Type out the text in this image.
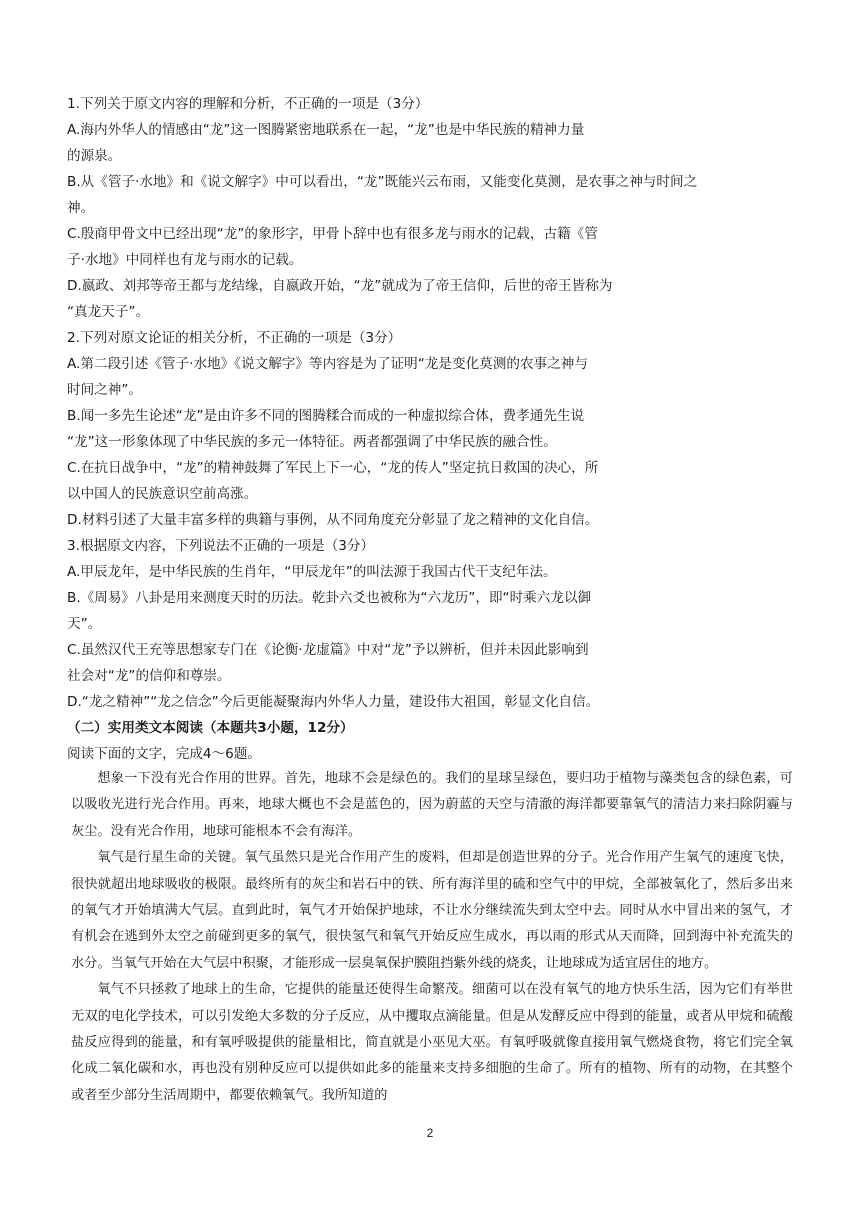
1.下列关于原文内容的理解和分析，不正确的一项是（3分）
A.海内外华人的情感由“龙”这一图腾紧密地联系在一起，“龙”也是中华民族的精神力量
的源泉。
B.从《管子·水地》和《说文解字》中可以看出，“龙”既能兴云布雨，又能变化莫测，是农事之神与时间之
神。
C.殷商甲骨文中已经出现“龙”的象形字，甲骨卜辞中也有很多龙与雨水的记载，古籍《管
子·水地》中同样也有龙与雨水的记载。
D.嬴政、刘邦等帝王都与龙结缘，自嬴政开始，“龙”就成为了帝王信仰，后世的帝王皆称为
“真龙天子”。
2.下列对原文论证的相关分析，不正确的一项是（3分）
A.第二段引述《管子·水地》《说文解字》等内容是为了证明“龙是变化莫测的农事之神与
时间之神”。
B.闻一多先生论述“龙”是由许多不同的图腾糅合而成的一种虚拟综合体，费孝通先生说
“龙”这一形象体现了中华民族的多元一体特征。两者都强调了中华民族的融合性。
C.在抗日战争中，“龙”的精神鼓舞了军民上下一心，“龙的传人”坚定抗日救国的决心，所
以中国人的民族意识空前高涨。
D.材料引述了大量丰富多样的典籍与事例，从不同角度充分彰显了龙之精神的文化自信。
3.根据原文内容，下列说法不正确的一项是（3分）
A.甲辰龙年，是中华民族的生肖年，“甲辰龙年”的叫法源于我国古代干支纪年法。
B.《周易》八卦是用来测度天时的历法。乾卦六爻也被称为“六龙历”，即“时乘六龙以御
天”。
C.虽然汉代王充等思想家专门在《论衡·龙虚篇》中对“龙”予以辨析，但并未因此影响到
社会对“龙”的信仰和尊崇。
D.“龙之精神”“龙之信念”今后更能凝聚海内外华人力量，建设伟大祖国，彰显文化自信。
（二）实用类文本阅读（本题共3小题，12分）
阅读下面的文字，完成4～6题。

想象一下没有光合作用的世界。首先，地球不会是绿色的。我们的星球呈绿色，要归功于植物与藻类包含的绿色素，可以吸收光进行光合作用。再来，地球大概也不会是蓝色的，因为蔚蓝的天空与清澈的海洋都要靠氧气的清洁力来扫除阴霾与灰尘。没有光合作用，地球可能根本不会有海洋。

氧气是行星生命的关键。氧气虽然只是光合作用产生的废料，但却是创造世界的分子。光合作用产生氧气的速度飞快，很快就超出地球吸收的极限。最终所有的灰尘和岩石中的铁、所有海洋里的硫和空气中的甲烷，全部被氧化了，然后多出来的氧气才开始填满大气层。直到此时，氧气才开始保护地球，不让水分继续流失到太空中去。同时从水中冒出来的氢气，才有机会在逃到外太空之前碰到更多的氧气，很快氢气和氧气开始反应生成水，再以雨的形式从天而降，回到海中补充流失的水分。当氧气开始在大气层中积聚，才能形成一层臭氧保护膜阻挡紫外线的烧炙，让地球成为适宜居住的地方。

氧气不只拯救了地球上的生命，它提供的能量还使得生命繁茂。细菌可以在没有氧气的地方快乐生活，因为它们有举世无双的电化学技术，可以引发绝大多数的分子反应，从中攫取点滴能量。但是从发酵反应中得到的能量，或者从甲烷和硫酸盐反应得到的能量，和有氧呼吸提供的能量相比，简直就是小巫见大巫。有氧呼吸就像直接用氧气燃烧食物，将它们完全氧化成二氧化碳和水，再也没有别种反应可以提供如此多的能量来支持多细胞的生命了。所有的植物、所有的动物，在其整个或者至少部分生活周期中，都要依赖氧气。我所知道的

2
